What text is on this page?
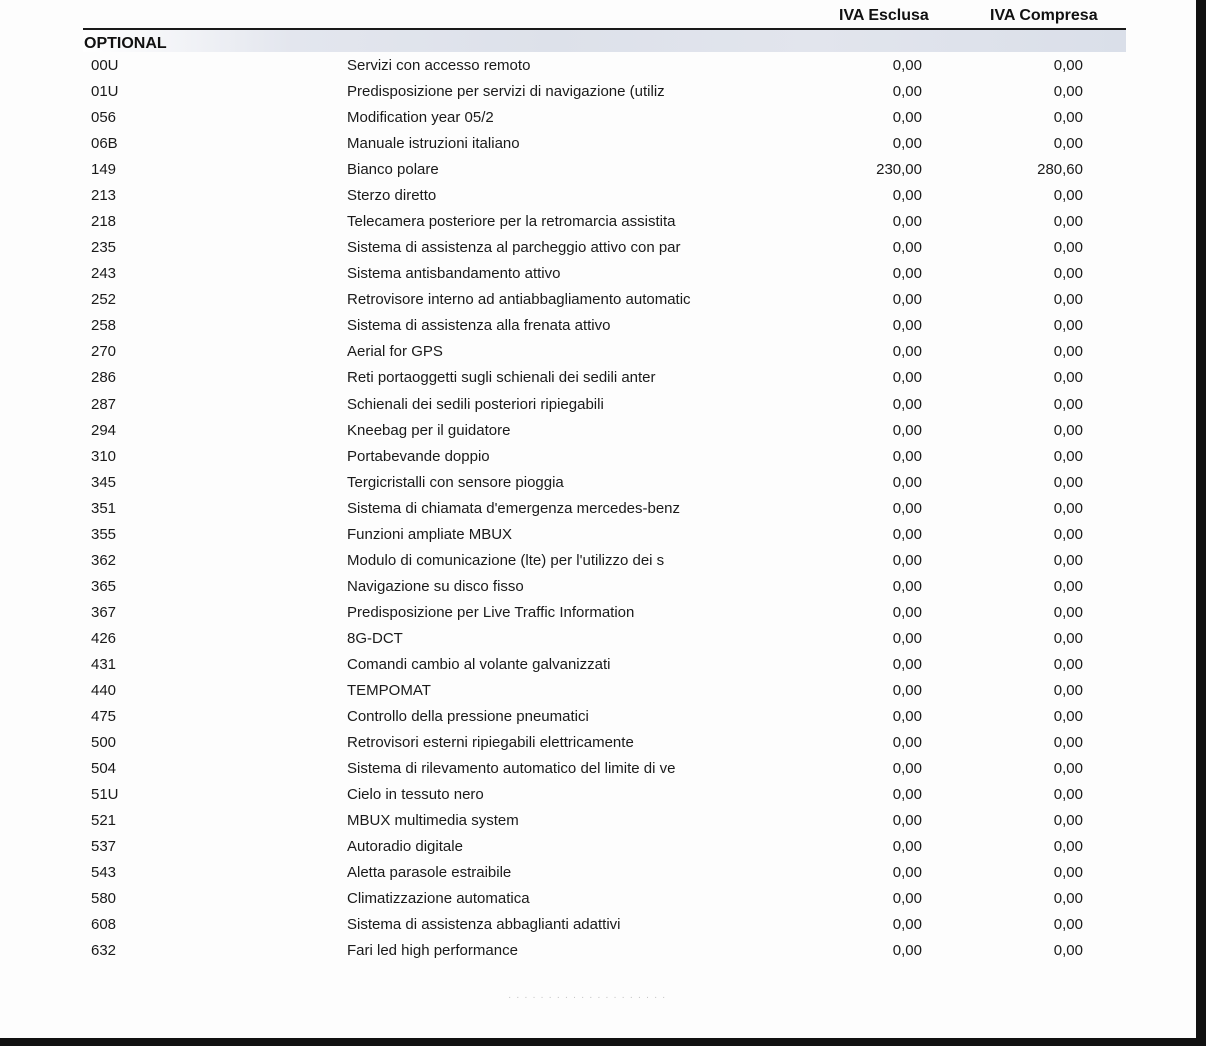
IVA Esclusa	IVA Compresa
OPTIONAL
00U	Servizi con accesso remoto	0,00	0,00
01U	Predisposizione per servizi di navigazione (utiliz	0,00	0,00
056	Modification year 05/2	0,00	0,00
06B	Manuale istruzioni italiano	0,00	0,00
149	Bianco polare	230,00	280,60
213	Sterzo diretto	0,00	0,00
218	Telecamera posteriore per la retromarcia assistita	0,00	0,00
235	Sistema di assistenza al parcheggio attivo con par	0,00	0,00
243	Sistema antisbandamento attivo	0,00	0,00
252	Retrovisore interno ad antiabbagliamento automatic	0,00	0,00
258	Sistema di assistenza alla frenata attivo	0,00	0,00
270	Aerial for GPS	0,00	0,00
286	Reti portaoggetti sugli schienali dei sedili anter	0,00	0,00
287	Schienali dei sedili posteriori ripiegabili	0,00	0,00
294	Kneebag per il guidatore	0,00	0,00
310	Portabevande doppio	0,00	0,00
345	Tergicristalli con sensore pioggia	0,00	0,00
351	Sistema di chiamata d'emergenza mercedes-benz	0,00	0,00
355	Funzioni ampliate MBUX	0,00	0,00
362	Modulo di comunicazione (lte) per l'utilizzo dei s	0,00	0,00
365	Navigazione su disco fisso	0,00	0,00
367	Predisposizione per Live Traffic Information	0,00	0,00
426	8G-DCT	0,00	0,00
431	Comandi cambio al volante galvanizzati	0,00	0,00
440	TEMPOMAT	0,00	0,00
475	Controllo della pressione pneumatici	0,00	0,00
500	Retrovisori esterni ripiegabili elettricamente	0,00	0,00
504	Sistema di rilevamento automatico del limite di ve	0,00	0,00
51U	Cielo in tessuto nero	0,00	0,00
521	MBUX multimedia system	0,00	0,00
537	Autoradio digitale	0,00	0,00
543	Aletta parasole estraibile	0,00	0,00
580	Climatizzazione automatica	0,00	0,00
608	Sistema di assistenza abbaglianti adattivi	0,00	0,00
632	Fari led high performance	0,00	0,00
· · · · · · · · · · · · · · · · · · · ·
